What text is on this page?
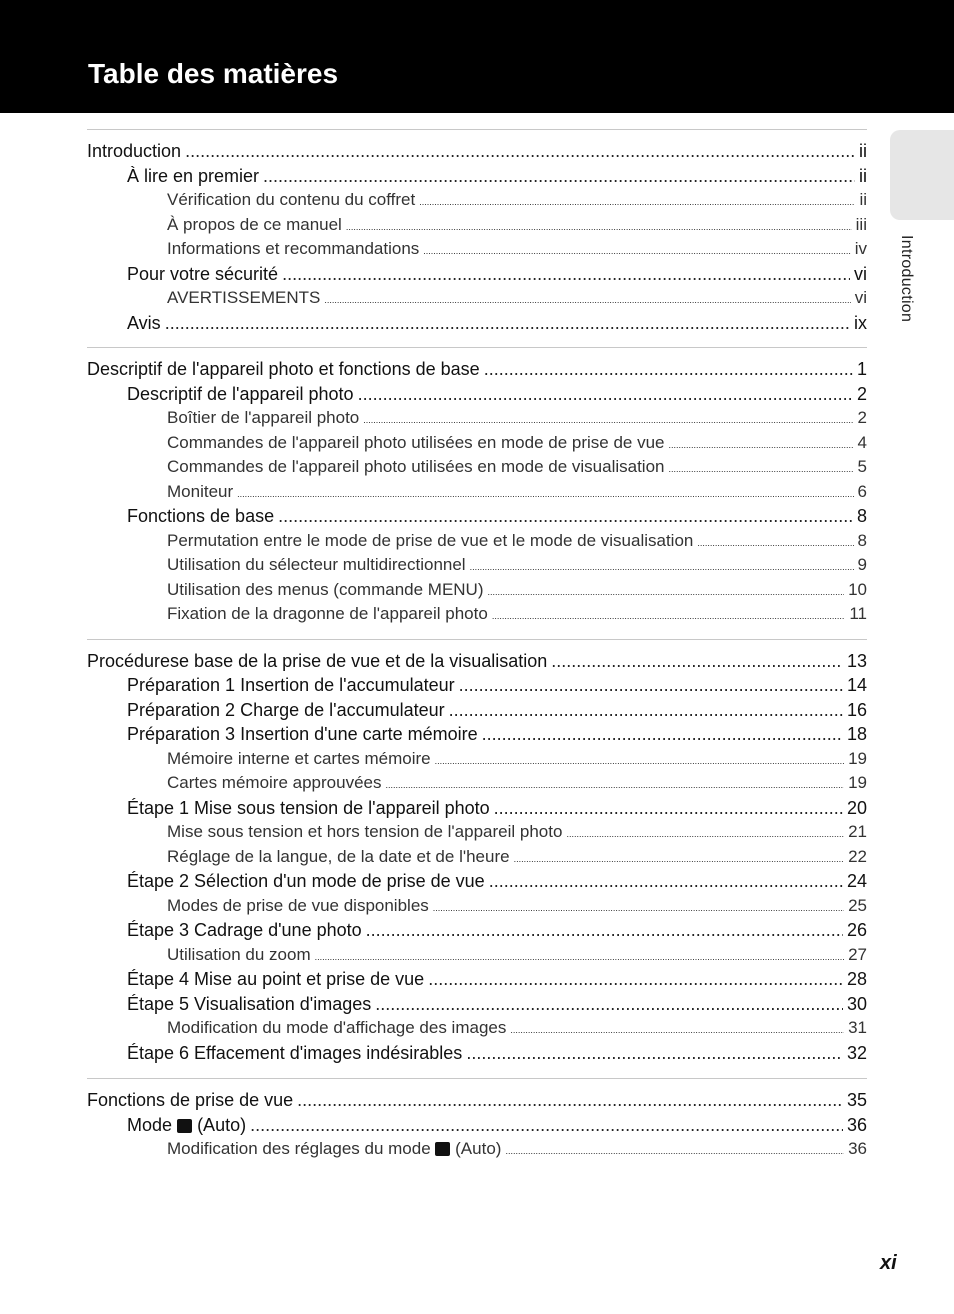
Table des matières
Introduction
Introduction .....	ii
À lire en premier .....	ii
Vérification du contenu du coffret .....	ii
À propos de ce manuel .....	iii
Informations et recommandations .....	iv
Pour votre sécurité .....	vi
AVERTISSEMENTS .....	vi
Avis .....	ix
Descriptif de l'appareil photo et fonctions de base .....	1
Descriptif de l'appareil photo .....	2
Boîtier de l'appareil photo .....	2
Commandes de l'appareil photo utilisées en mode de prise de vue .....	4
Commandes de l'appareil photo utilisées en mode de visualisation .....	5
Moniteur .....	6
Fonctions de base .....	8
Permutation entre le mode de prise de vue et le mode de visualisation .....	8
Utilisation du sélecteur multidirectionnel .....	9
Utilisation des menus (commande MENU) .....	10
Fixation de la dragonne de l'appareil photo .....	11
Procédurese base de la prise de vue et de la visualisation .....	13
Préparation 1 Insertion de l'accumulateur .....	14
Préparation 2 Charge de l'accumulateur .....	16
Préparation 3 Insertion d'une carte mémoire .....	18
Mémoire interne et cartes mémoire .....	19
Cartes mémoire approuvées .....	19
Étape 1 Mise sous tension de l'appareil photo .....	20
Mise sous tension et hors tension de l'appareil photo .....	21
Réglage de la langue, de la date et de l'heure .....	22
Étape 2 Sélection d'un mode de prise de vue .....	24
Modes de prise de vue disponibles .....	25
Étape 3 Cadrage d'une photo .....	26
Utilisation du zoom .....	27
Étape 4 Mise au point et prise de vue .....	28
Étape 5 Visualisation d'images .....	30
Modification du mode d'affichage des images .....	31
Étape 6 Effacement d'images indésirables .....	32
Fonctions de prise de vue .....	35
Mode (Auto) .....	36
Modification des réglages du mode (Auto) .....	36
xi
